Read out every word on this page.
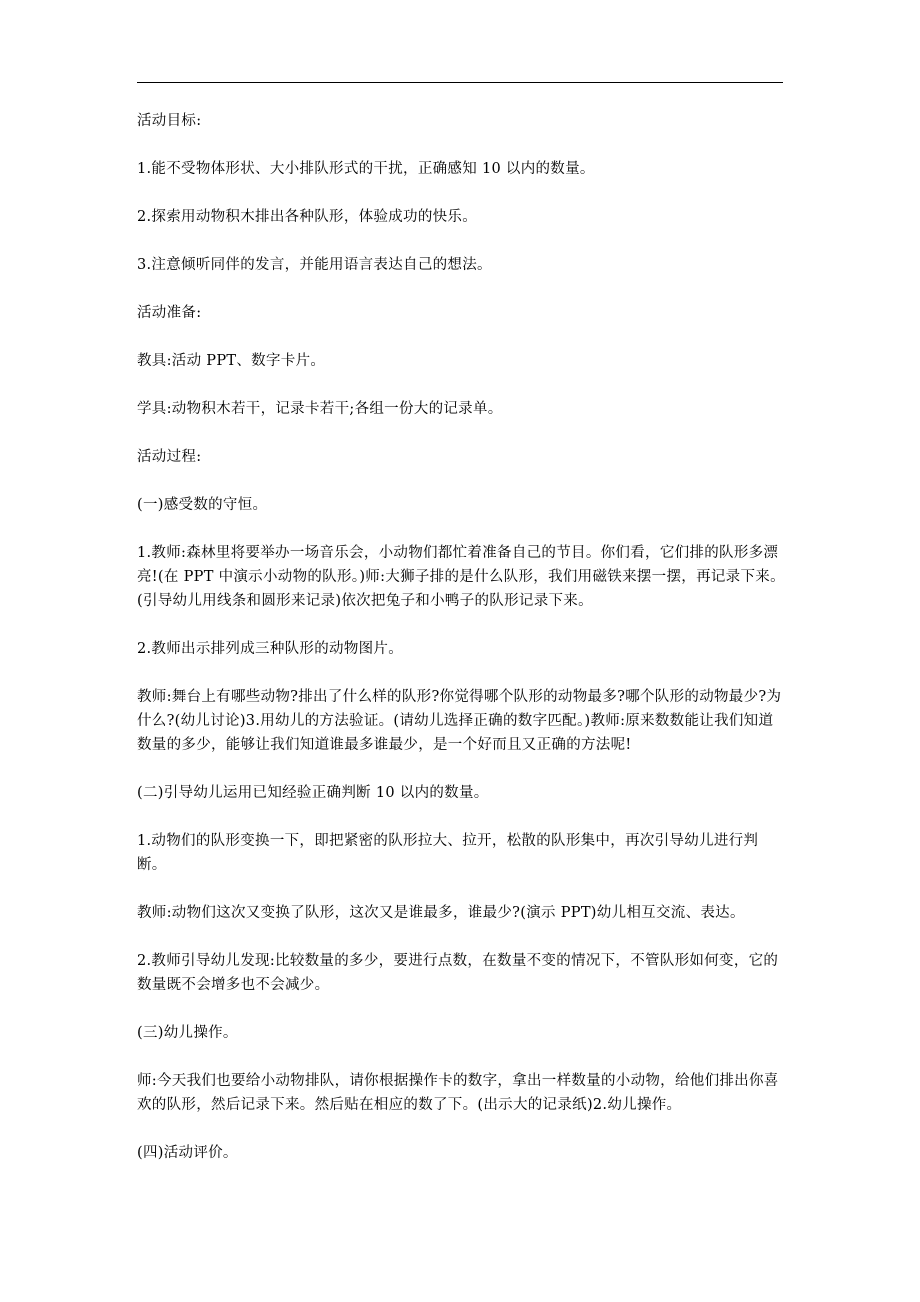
活动目标:

1.能不受物体形状、大小排队形式的干扰，正确感知 10 以内的数量。

2.探索用动物积木排出各种队形，体验成功的快乐。

3.注意倾听同伴的发言，并能用语言表达自己的想法。

活动准备:

教具:活动 PPT、数字卡片。

学具:动物积木若干，记录卡若干;各组一份大的记录单。

活动过程:

(一)感受数的守恒。

1.教师:森林里将要举办一场音乐会，小动物们都忙着准备自己的节目。你们看，它们排的队形多漂亮!(在 PPT 中演示小动物的队形。)师:大狮子排的是什么队形，我们用磁铁来摆一摆，再记录下来。(引导幼儿用线条和圆形来记录)依次把兔子和小鸭子的队形记录下来。

2.教师出示排列成三种队形的动物图片。

教师:舞台上有哪些动物?排出了什么样的队形?你觉得哪个队形的动物最多?哪个队形的动物最少?为什么?(幼儿讨论)3.用幼儿的方法验证。(请幼儿选择正确的数字匹配。)教师:原来数数能让我们知道数量的多少，能够让我们知道谁最多谁最少，是一个好而且又正确的方法呢!

(二)引导幼儿运用已知经验正确判断 10 以内的数量。

1.动物们的队形变换一下，即把紧密的队形拉大、拉开，松散的队形集中，再次引导幼儿进行判断。

教师:动物们这次又变换了队形，这次又是谁最多，谁最少?(演示 PPT)幼儿相互交流、表达。

2.教师引导幼儿发现:比较数量的多少，要进行点数，在数量不变的情况下，不管队形如何变，它的数量既不会增多也不会减少。

(三)幼儿操作。

师:今天我们也要给小动物排队，请你根据操作卡的数字，拿出一样数量的小动物，给他们排出你喜欢的队形，然后记录下来。然后贴在相应的数了下。(出示大的记录纸)2.幼儿操作。

(四)活动评价。
